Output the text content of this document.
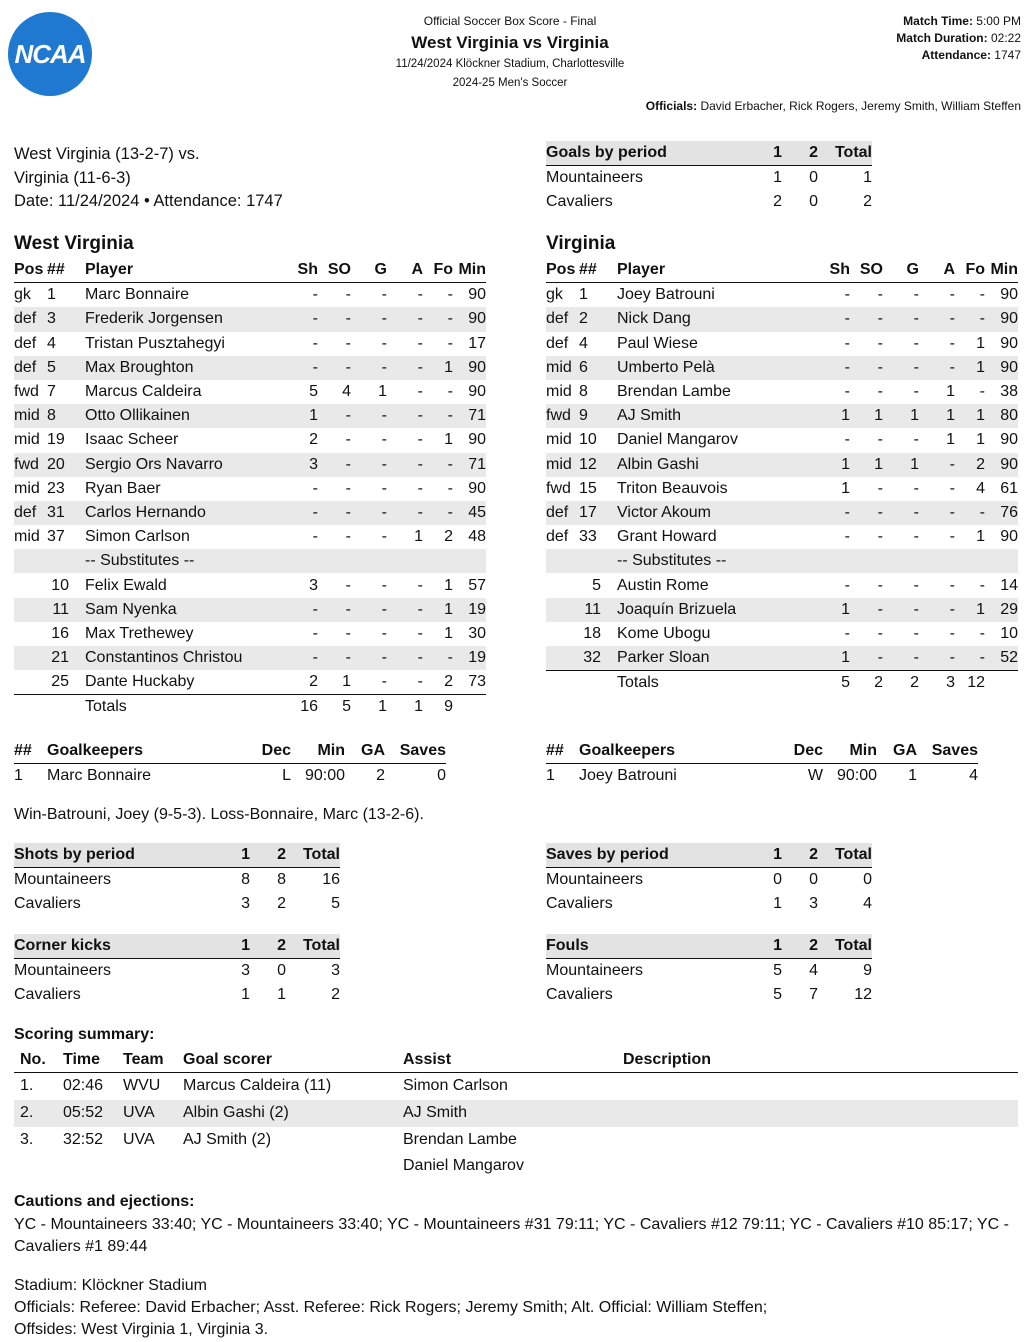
NCAA
Official Soccer Box Score - Final
West Virginia vs Virginia
11/24/2024 Klöckner Stadium, Charlottesville
2024-25 Men's Soccer
Match Time: 5:00 PM
Match Duration: 02:22
Attendance: 1747
Officials: David Erbacher, Rick Rogers, Jeremy Smith, William Steffen
West Virginia (13-2-7) vs.
Virginia (11-6-3)
Date: 11/24/2024 • Attendance: 1747
Goals by period	1	2	Total
Mountaineers	1	0	1
Cavaliers	2	0	2
West Virginia	Virginia
Pos	##	Player	Sh	SO	G	A	Fo	Min
gk	1	Marc Bonnaire	-	-	-	-	-	90
def	3	Frederik Jorgensen	-	-	-	-	-	90
def	4	Tristan Pusztahegyi	-	-	-	-	-	17
def	5	Max Broughton	-	-	-	-	1	90
fwd	7	Marcus Caldeira	5	4	1	-	-	90
mid	8	Otto Ollikainen	1	-	-	-	-	71
mid	19	Isaac Scheer	2	-	-	-	1	90
fwd	20	Sergio Ors Navarro	3	-	-	-	-	71
mid	23	Ryan Baer	-	-	-	-	-	90
def	31	Carlos Hernando	-	-	-	-	-	45
mid	37	Simon Carlson	-	-	-	1	2	48
		-- Substitutes --						
	10	Felix Ewald	3	-	-	-	1	57
	11	Sam Nyenka	-	-	-	-	1	19
	16	Max Trethewey	-	-	-	-	1	30
	21	Constantinos Christou	-	-	-	-	-	19
	25	Dante Huckaby	2	1	-	-	2	73
		Totals	16	5	1	1	9	
Pos	##	Player	Sh	SO	G	A	Fo	Min
gk	1	Joey Batrouni	-	-	-	-	-	90
def	2	Nick Dang	-	-	-	-	-	90
def	4	Paul Wiese	-	-	-	-	1	90
mid	6	Umberto Pelà	-	-	-	-	1	90
mid	8	Brendan Lambe	-	-	-	1	-	38
fwd	9	AJ Smith	1	1	1	1	1	80
mid	10	Daniel Mangarov	-	-	-	1	1	90
mid	12	Albin Gashi	1	1	1	-	2	90
fwd	15	Triton Beauvois	1	-	-	-	4	61
def	17	Victor Akoum	-	-	-	-	-	76
def	33	Grant Howard	-	-	-	-	1	90
		-- Substitutes --						
	5	Austin Rome	-	-	-	-	-	14
	11	Joaquín Brizuela	1	-	-	-	1	29
	18	Kome Ubogu	-	-	-	-	-	10
	32	Parker Sloan	1	-	-	-	-	52
		Totals	5	2	2	3	12	
##	Goalkeepers	Dec	Min	GA	Saves
1	Marc Bonnaire	L	90:00	2	0
##	Goalkeepers	Dec	Min	GA	Saves
1	Joey Batrouni	W	90:00	1	4
Win-Batrouni, Joey (9-5-3). Loss-Bonnaire, Marc (13-2-6).
Shots by period	1	2	Total
Mountaineers	8	8	16
Cavaliers	3	2	5
Saves by period	1	2	Total
Mountaineers	0	0	0
Cavaliers	1	3	4
Corner kicks	1	2	Total
Mountaineers	3	0	3
Cavaliers	1	1	2
Fouls	1	2	Total
Mountaineers	5	4	9
Cavaliers	5	7	12
Scoring summary:
No.	Time	Team	Goal scorer	Assist	Description
1.	02:46	WVU	Marcus Caldeira (11)	Simon Carlson	
2.	05:52	UVA	Albin Gashi (2)	AJ Smith	
3.	32:52	UVA	AJ Smith (2)	Brendan Lambe	
				Daniel Mangarov	
Cautions and ejections:
YC - Mountaineers 33:40; YC - Mountaineers 33:40; YC - Mountaineers #31 79:11; YC - Cavaliers #12 79:11; YC - Cavaliers #10 85:17; YC - Cavaliers #1 89:44
Stadium: Klöckner Stadium
Officials: Referee: David Erbacher; Asst. Referee: Rick Rogers; Jeremy Smith; Alt. Official: William Steffen;
Offsides: West Virginia 1, Virginia 3.
